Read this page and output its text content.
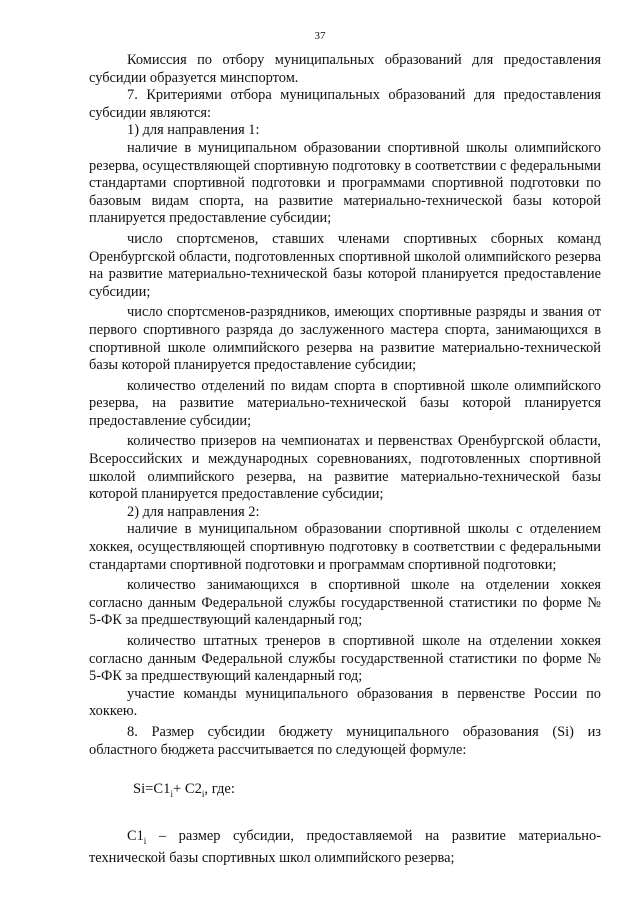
37

Комиссия по отбору муниципальных образований для предоставления субсидии образуется минспортом.

7. Критериями отбора муниципальных образований для предоставления субсидии являются:

1) для направления 1:

наличие в муниципальном образовании спортивной школы олимпийского резерва, осуществляющей спортивную подготовку в соответствии с федеральными стандартами спортивной подготовки и программами спортивной подготовки по базовым видам спорта, на развитие материально-технической базы которой планируется предоставление субсидии;

число спортсменов, ставших членами спортивных сборных команд Оренбургской области, подготовленных спортивной школой олимпийского резерва на развитие материально-технической базы которой планируется предоставление субсидии;

число спортсменов-разрядников, имеющих спортивные разряды и звания от первого спортивного разряда до заслуженного мастера спорта, занимающихся в спортивной школе олимпийского резерва на развитие материально-технической базы которой планируется предоставление субсидии;

количество отделений по видам спорта в спортивной школе олимпийского резерва, на развитие материально-технической базы которой планируется предоставление субсидии;

количество призеров на чемпионатах и первенствах Оренбургской области, Всероссийских и международных соревнованиях, подготовленных спортивной школой олимпийского резерва, на развитие материально-технической базы которой планируется предоставление субсидии;

2) для направления 2:

наличие в муниципальном образовании спортивной школы с отделением хоккея, осуществляющей спортивную подготовку в соответствии с федеральными стандартами спортивной подготовки и программам спортивной подготовки;

количество занимающихся в спортивной школе на отделении хоккея согласно данным Федеральной службы государственной статистики по форме № 5-ФК за предшествующий календарный год;

количество штатных тренеров в спортивной школе на отделении хоккея согласно данным Федеральной службы государственной статистики по форме № 5-ФК за предшествующий календарный год;

участие команды муниципального образования в первенстве России по хоккею.

8. Размер субсидии бюджету муниципального образования (Si) из областного бюджета рассчитывается по следующей формуле:

$Si=C1_i+ C2_i$, где:

$C1_i$ – размер субсидии, предоставляемой на развитие материально-технической базы спортивных школ олимпийского резерва;
